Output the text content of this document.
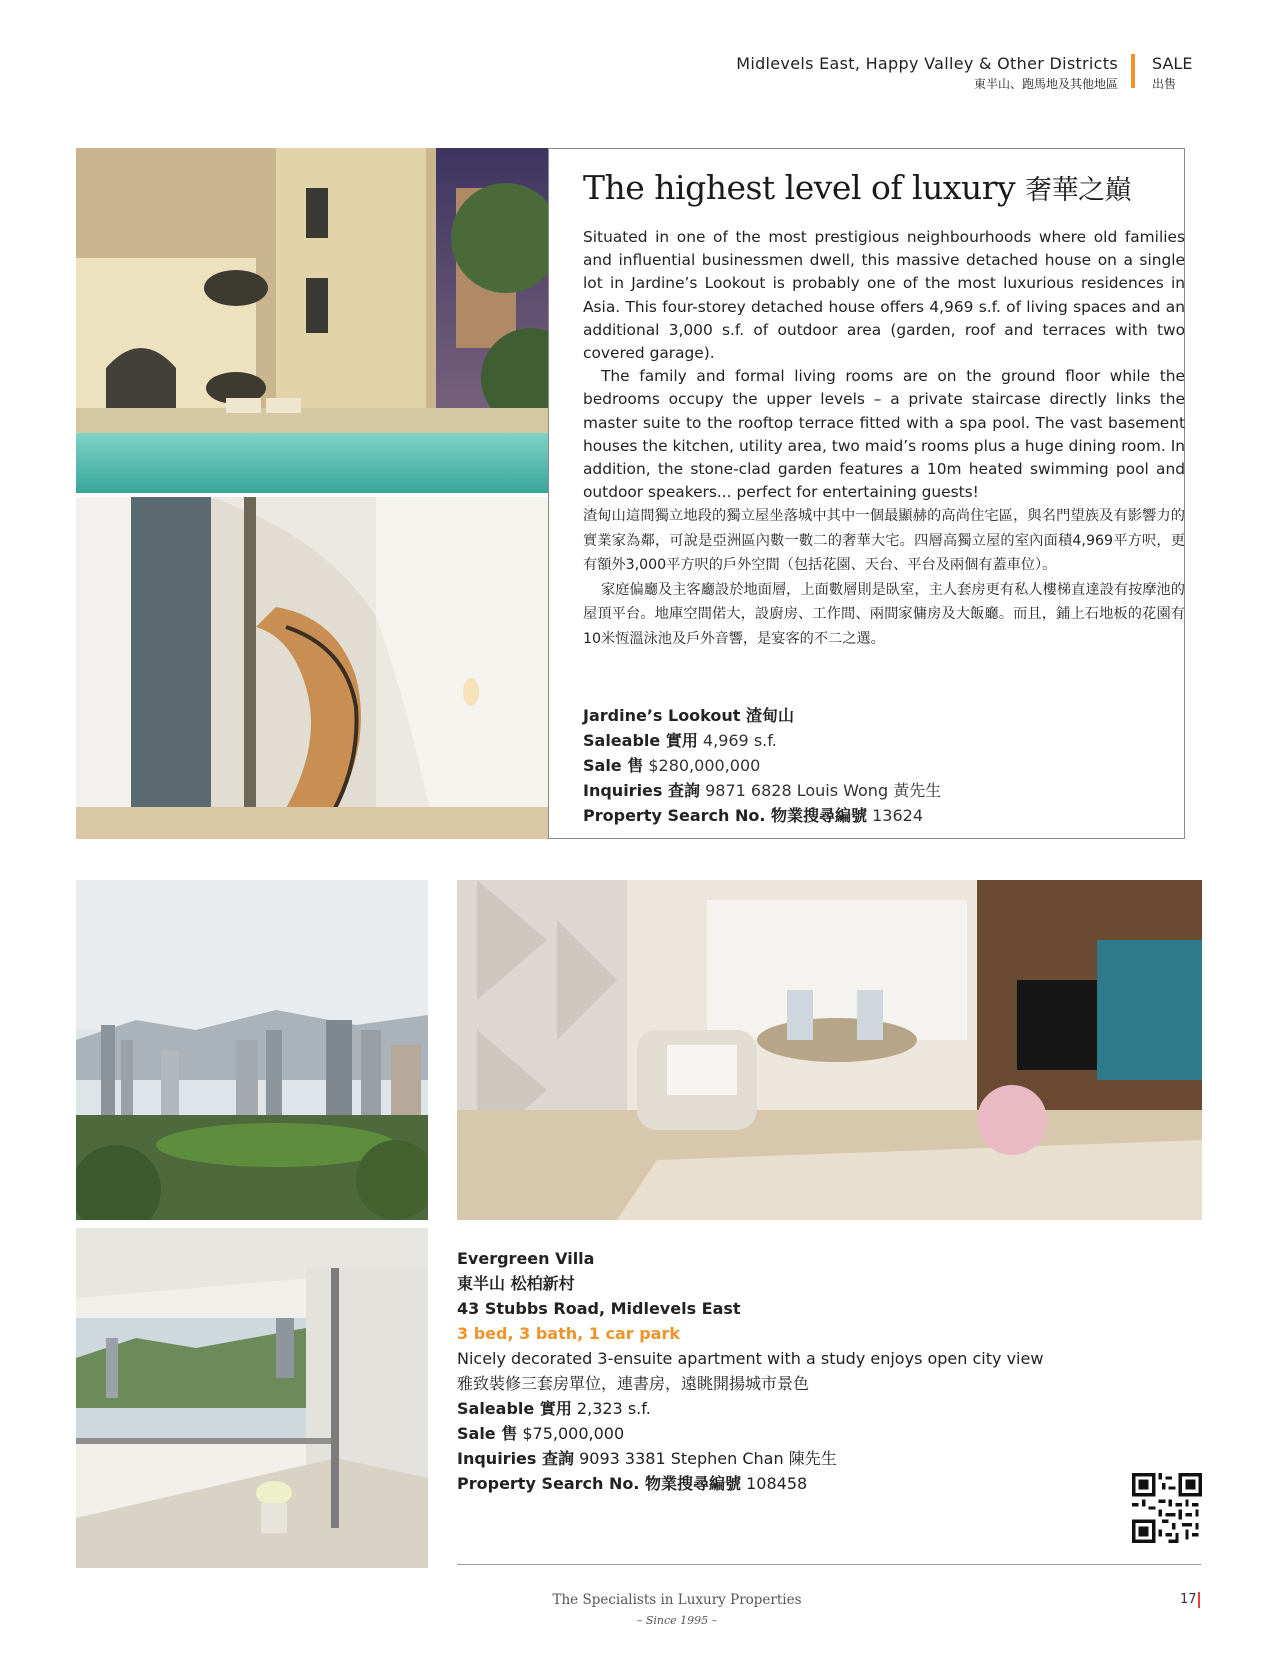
Midlevels East, Happy Valley & Other Districts
東半山、跑馬地及其他地區
SALE
出售
The highest level of luxury 奢華之巔

Situated in one of the most prestigious neighbourhoods where old families and influential businessmen dwell, this massive detached house on a single lot in Jardine’s Lookout is probably one of the most luxurious residences in Asia. This four-storey detached house offers 4,969 s.f. of living spaces and an additional 3,000 s.f. of outdoor area (garden, roof and terraces with two covered garage).

The family and formal living rooms are on the ground floor while the bedrooms occupy the upper levels – a private staircase directly links the master suite to the rooftop terrace fitted with a spa pool. The vast basement houses the kitchen, utility area, two maid’s rooms plus a huge dining room. In addition, the stone-clad garden features a 10m heated swimming pool and outdoor speakers... perfect for entertaining guests!

渣甸山這間獨立地段的獨立屋坐落城中其中一個最顯赫的高尚住宅區，與名門望族及有影響力的實業家為鄰，可說是亞洲區內數一數二的奢華大宅。四層高獨立屋的室內面積4,969平方呎，更有額外3,000平方呎的戶外空間（包括花園、天台、平台及兩個有蓋車位）。

家庭偏廳及主客廳設於地面層，上面數層則是臥室，主人套房更有私人樓梯直達設有按摩池的屋頂平台。地庫空間偌大，設廚房、工作間、兩間家傭房及大飯廳。而且，鋪上石地板的花園有10米恆溫泳池及戶外音響，是宴客的不二之選。

Jardine’s Lookout 渣甸山
Saleable 實用 4,969 s.f.
Sale 售 $280,000,000
Inquiries 查詢 9871 6828 Louis Wong 黃先生
Property Search No. 物業搜尋編號 13624
Evergreen Villa
東半山 松柏新村
43 Stubbs Road, Midlevels East
3 bed, 3 bath, 1 car park
Nicely decorated 3-ensuite apartment with a study enjoys open city view
雅致裝修三套房單位，連書房，遠眺開揚城市景色
Saleable 實用 2,323 s.f.
Sale 售 $75,000,000
Inquiries 查詢 9093 3381 Stephen Chan 陳先生
Property Search No. 物業搜尋編號 108458
The Specialists in Luxury Properties
– Since 1995 –
17
